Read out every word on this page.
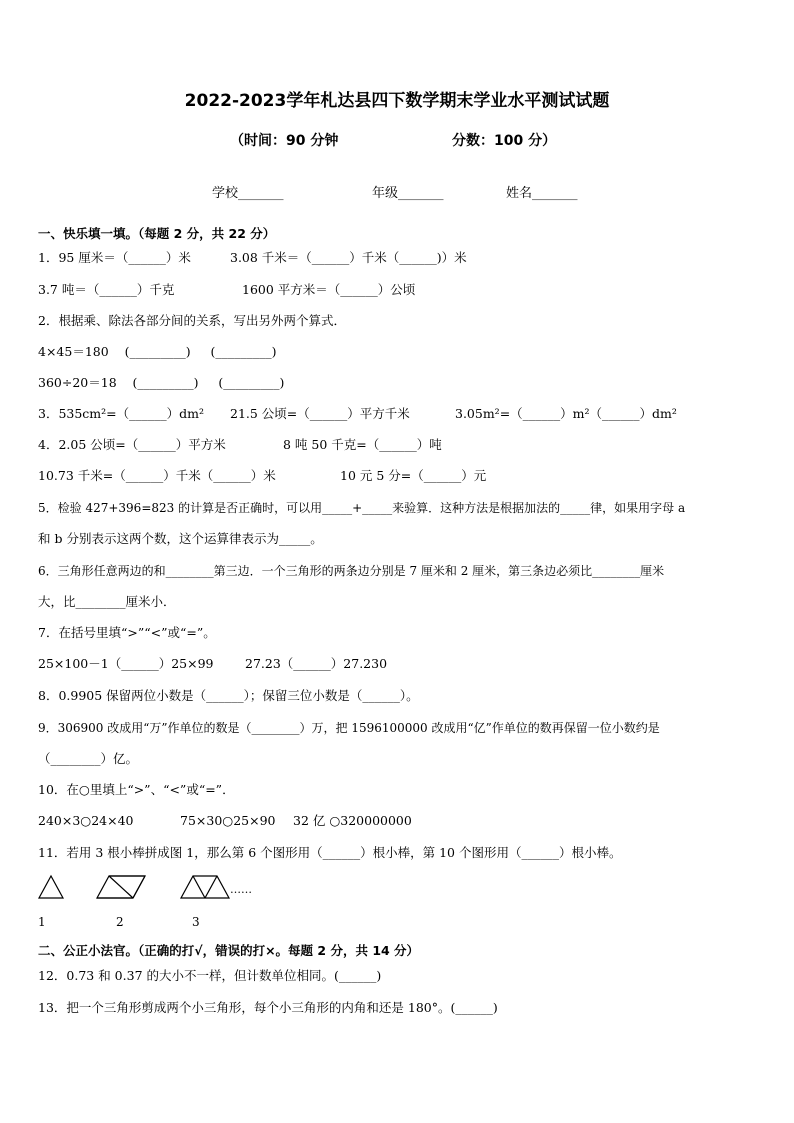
2022-2023学年札达县四下数学期末学业水平测试试题
（时间：90 分钟	分数：100 分）
学校_______	年级_______	姓名_______
一、快乐填一填。（每题 2 分，共 22 分）
1．95 厘米＝（______）米	3.08 千米＝（______）千米（______)）米
3.7 吨＝（______）千克	1600 平方米＝（______）公顷
2．根据乘、除法各部分间的关系，写出另外两个算式．
4×45＝180    (_________)     (_________)
360÷20＝18    (_________)     (_________)
3．535cm²=（______）dm² 21.5 公顷=（______）平方千米	3.05m²=（______）m²（______）dm²
4．2.05 公顷=（______）平方米	8 吨 50 千克=（______）吨
10.73 千米=（______）千米（______）米	10 元 5 分=（______）元
5．检验 427+396=823 的计算是否正确时，可以用_____+_____来验算．这种方法是根据加法的_____律，如果用字母 a
和 b 分别表示这两个数，这个运算律表示为_____。
6．三角形任意两边的和________第三边．一个三角形的两条边分别是 7 厘米和 2 厘米，第三条边必须比________厘米
大，比________厘米小．
7．在括号里填“>”“<”或“=”。
25×100－1（______）25×99	27.23（______）27.230
8．0.9905 保留两位小数是（______）；保留三位小数是（______）。
9．306900 改成用“万”作单位的数是（________）万，把 1596100000 改成用“亿”作单位的数再保留一位小数约是
（________）亿。
10．在○里填上“>”、“<”或“=”．
240×3○24×40	75×30○25×90 32 亿 ○320000000
11．若用 3 根小棒拼成图 1，那么第 6 个图形用（______）根小棒，第 10 个图形用（______）根小棒。
……
1	2	3
二、公正小法官。（正确的打√，错误的打×。每题 2 分，共 14 分）
12．0.73 和 0.37 的大小不一样，但计数单位相同。(______)
13．把一个三角形剪成两个小三角形，每个小三角形的内角和还是 180°。(______)
